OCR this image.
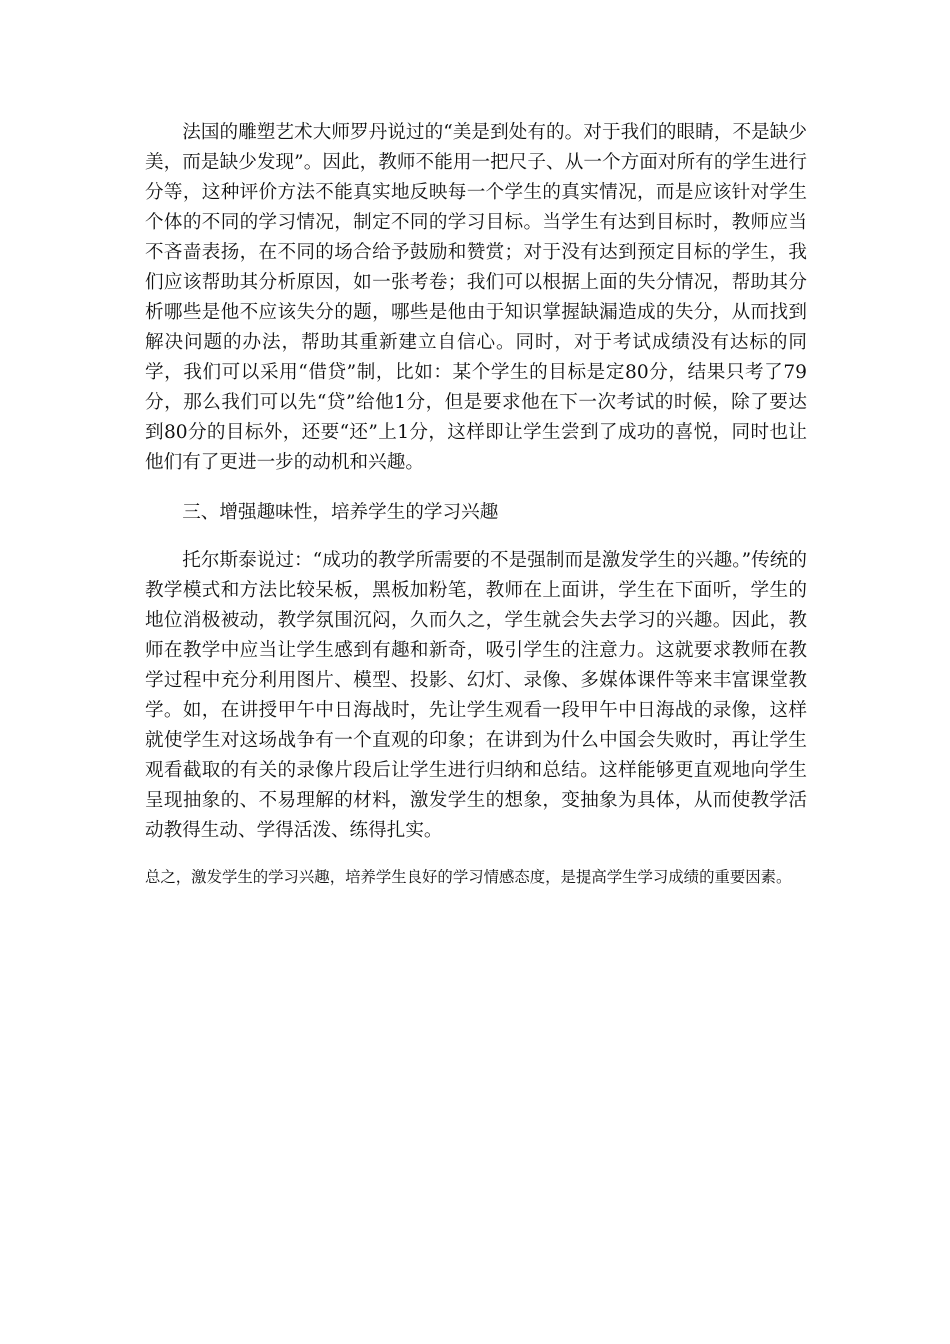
法国的雕塑艺术大师罗丹说过的“美是到处有的。对于我们的眼睛，不是缺少美，而是缺少发现”。因此，教师不能用一把尺子、从一个方面对所有的学生进行分等，这种评价方法不能真实地反映每一个学生的真实情况，而是应该针对学生个体的不同的学习情况，制定不同的学习目标。当学生有达到目标时，教师应当不吝啬表扬，在不同的场合给予鼓励和赞赏；对于没有达到预定目标的学生，我们应该帮助其分析原因，如一张考卷；我们可以根据上面的失分情况，帮助其分析哪些是他不应该失分的题，哪些是他由于知识掌握缺漏造成的失分，从而找到解决问题的办法，帮助其重新建立自信心。同时，对于考试成绩没有达标的同学，我们可以采用“借贷”制，比如：某个学生的目标是定80分，结果只考了79分，那么我们可以先“贷”给他1分，但是要求他在下一次考试的时候，除了要达到80分的目标外，还要“还”上1分，这样即让学生尝到了成功的喜悦，同时也让他们有了更进一步的动机和兴趣。

三、增强趣味性，培养学生的学习兴趣

托尔斯泰说过：“成功的教学所需要的不是强制而是激发学生的兴趣。”传统的教学模式和方法比较呆板，黑板加粉笔，教师在上面讲，学生在下面听，学生的地位消极被动，教学氛围沉闷，久而久之，学生就会失去学习的兴趣。因此，教师在教学中应当让学生感到有趣和新奇，吸引学生的注意力。这就要求教师在教学过程中充分利用图片、模型、投影、幻灯、录像、多媒体课件等来丰富课堂教学。如，在讲授甲午中日海战时，先让学生观看一段甲午中日海战的录像，这样就使学生对这场战争有一个直观的印象；在讲到为什么中国会失败时，再让学生观看截取的有关的录像片段后让学生进行归纳和总结。这样能够更直观地向学生呈现抽象的、不易理解的材料，激发学生的想象，变抽象为具体，从而使教学活动教得生动、学得活泼、练得扎实。

总之，激发学生的学习兴趣，培养学生良好的学习情感态度，是提高学生学习成绩的重要因素。
